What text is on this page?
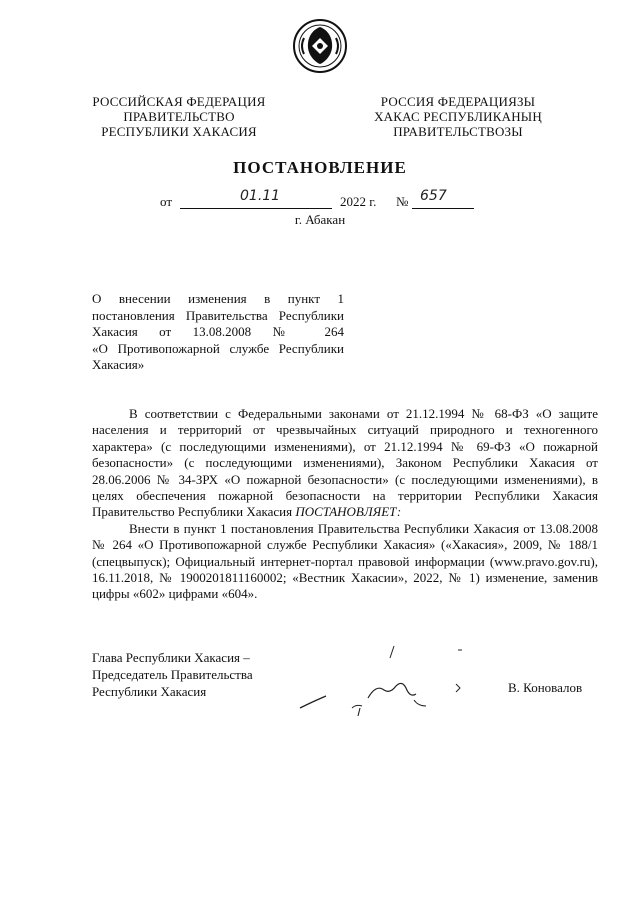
РОССИЙСКАЯ ФЕДЕРАЦИЯ
ПРАВИТЕЛЬСТВО
РЕСПУБЛИКИ ХАКАСИЯ
РОССИЯ ФЕДЕРАЦИЯЗЫ
ХАКАС РЕСПУБЛИКАНЫҢ
ПРАВИТЕЛЬСТВОЗЫ
ПОСТАНОВЛЕНИЕ
от	01.11	2022 г. № 657
г. Абакан
О внесении изменения в пункт 1
постановления Правительства Республики
Хакасия от 13.08.2008 № 264
«О Противопожарной службе Республики
Хакасия»

В соответствии с Федеральными законами от 21.12.1994 № 68-ФЗ «О защите населения и территорий от чрезвычайных ситуаций природного и техногенного характера» (с последующими изменениями), от 21.12.1994 № 69-ФЗ «О пожарной безопасности» (с последующими изменениями), Законом Республики Хакасия от 28.06.2006 № 34-ЗРХ «О пожарной безопасности» (с последующими изменениями), в целях обеспечения пожарной безопасности на территории Республики Хакасия Правительство Республики Хакасия ПОСТАНОВЛЯЕТ:

Внести в пункт 1 постановления Правительства Республики Хакасия от 13.08.2008 № 264 «О Противопожарной службе Республики Хакасия» («Хакасия», 2009, № 188/1 (спецвыпуск); Официальный интернет-портал правовой информации (www.pravo.gov.ru), 16.11.2018, № 1900201811160002; «Вестник Хакасии», 2022, № 1) изменение, заменив цифры «602» цифрами «604».

Глава Республики Хакасия –
Председатель Правительства
Республики Хакасия	В. Коновалов
